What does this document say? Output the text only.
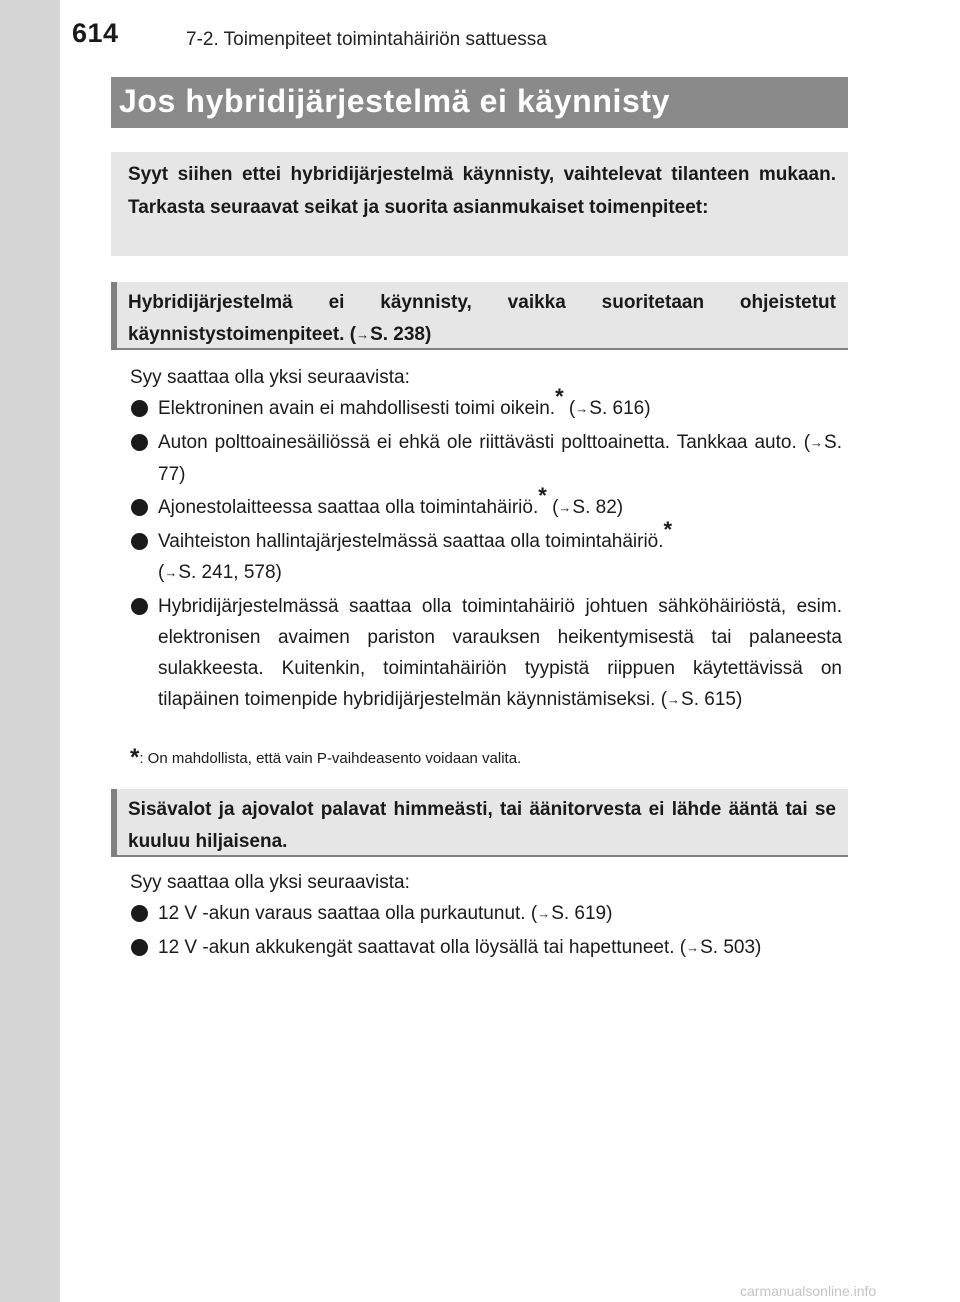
614	7-2. Toimenpiteet toimintahäiriön sattuessa
Jos hybridijärjestelmä ei käynnisty

Syyt siihen ettei hybridijärjestelmä käynnisty, vaihtelevat tilanteen mukaan. Tarkasta seuraavat seikat ja suorita asianmukaiset toimenpiteet:

Hybridijärjestelmä ei käynnisty, vaikka suoritetaan ohjeistetut käynnistystoimenpiteet. (→S. 238)

Syy saattaa olla yksi seuraavista:
Elektroninen avain ei mahdollisesti toimi oikein.* (→S. 616)
Auton polttoainesäiliössä ei ehkä ole riittävästi polttoainetta. Tankkaa auto. (→S. 77)
Ajonestolaitteessa saattaa olla toimintahäiriö.* (→S. 82)
Vaihteiston hallintajärjestelmässä saattaa olla toimintahäiriö.*
(→S. 241, 578)
Hybridijärjestelmässä saattaa olla toimintahäiriö johtuen sähköhäiriöstä, esim. elektronisen avaimen pariston varauksen heikentymisestä tai palaneesta sulakkeesta. Kuitenkin, toimintahäiriön tyypistä riippuen käytettävissä on tilapäinen toimenpide hybridijärjestelmän käynnistämiseksi. (→S. 615)
*: On mahdollista, että vain P-vaihdeasento voidaan valita.

Sisävalot ja ajovalot palavat himmeästi, tai äänitorvesta ei lähde ääntä tai se kuuluu hiljaisena.

Syy saattaa olla yksi seuraavista:
12 V -akun varaus saattaa olla purkautunut. (→S. 619)
12 V -akun akkukengät saattavat olla löysällä tai hapettuneet. (→S. 503)
carmanualsonline.info
